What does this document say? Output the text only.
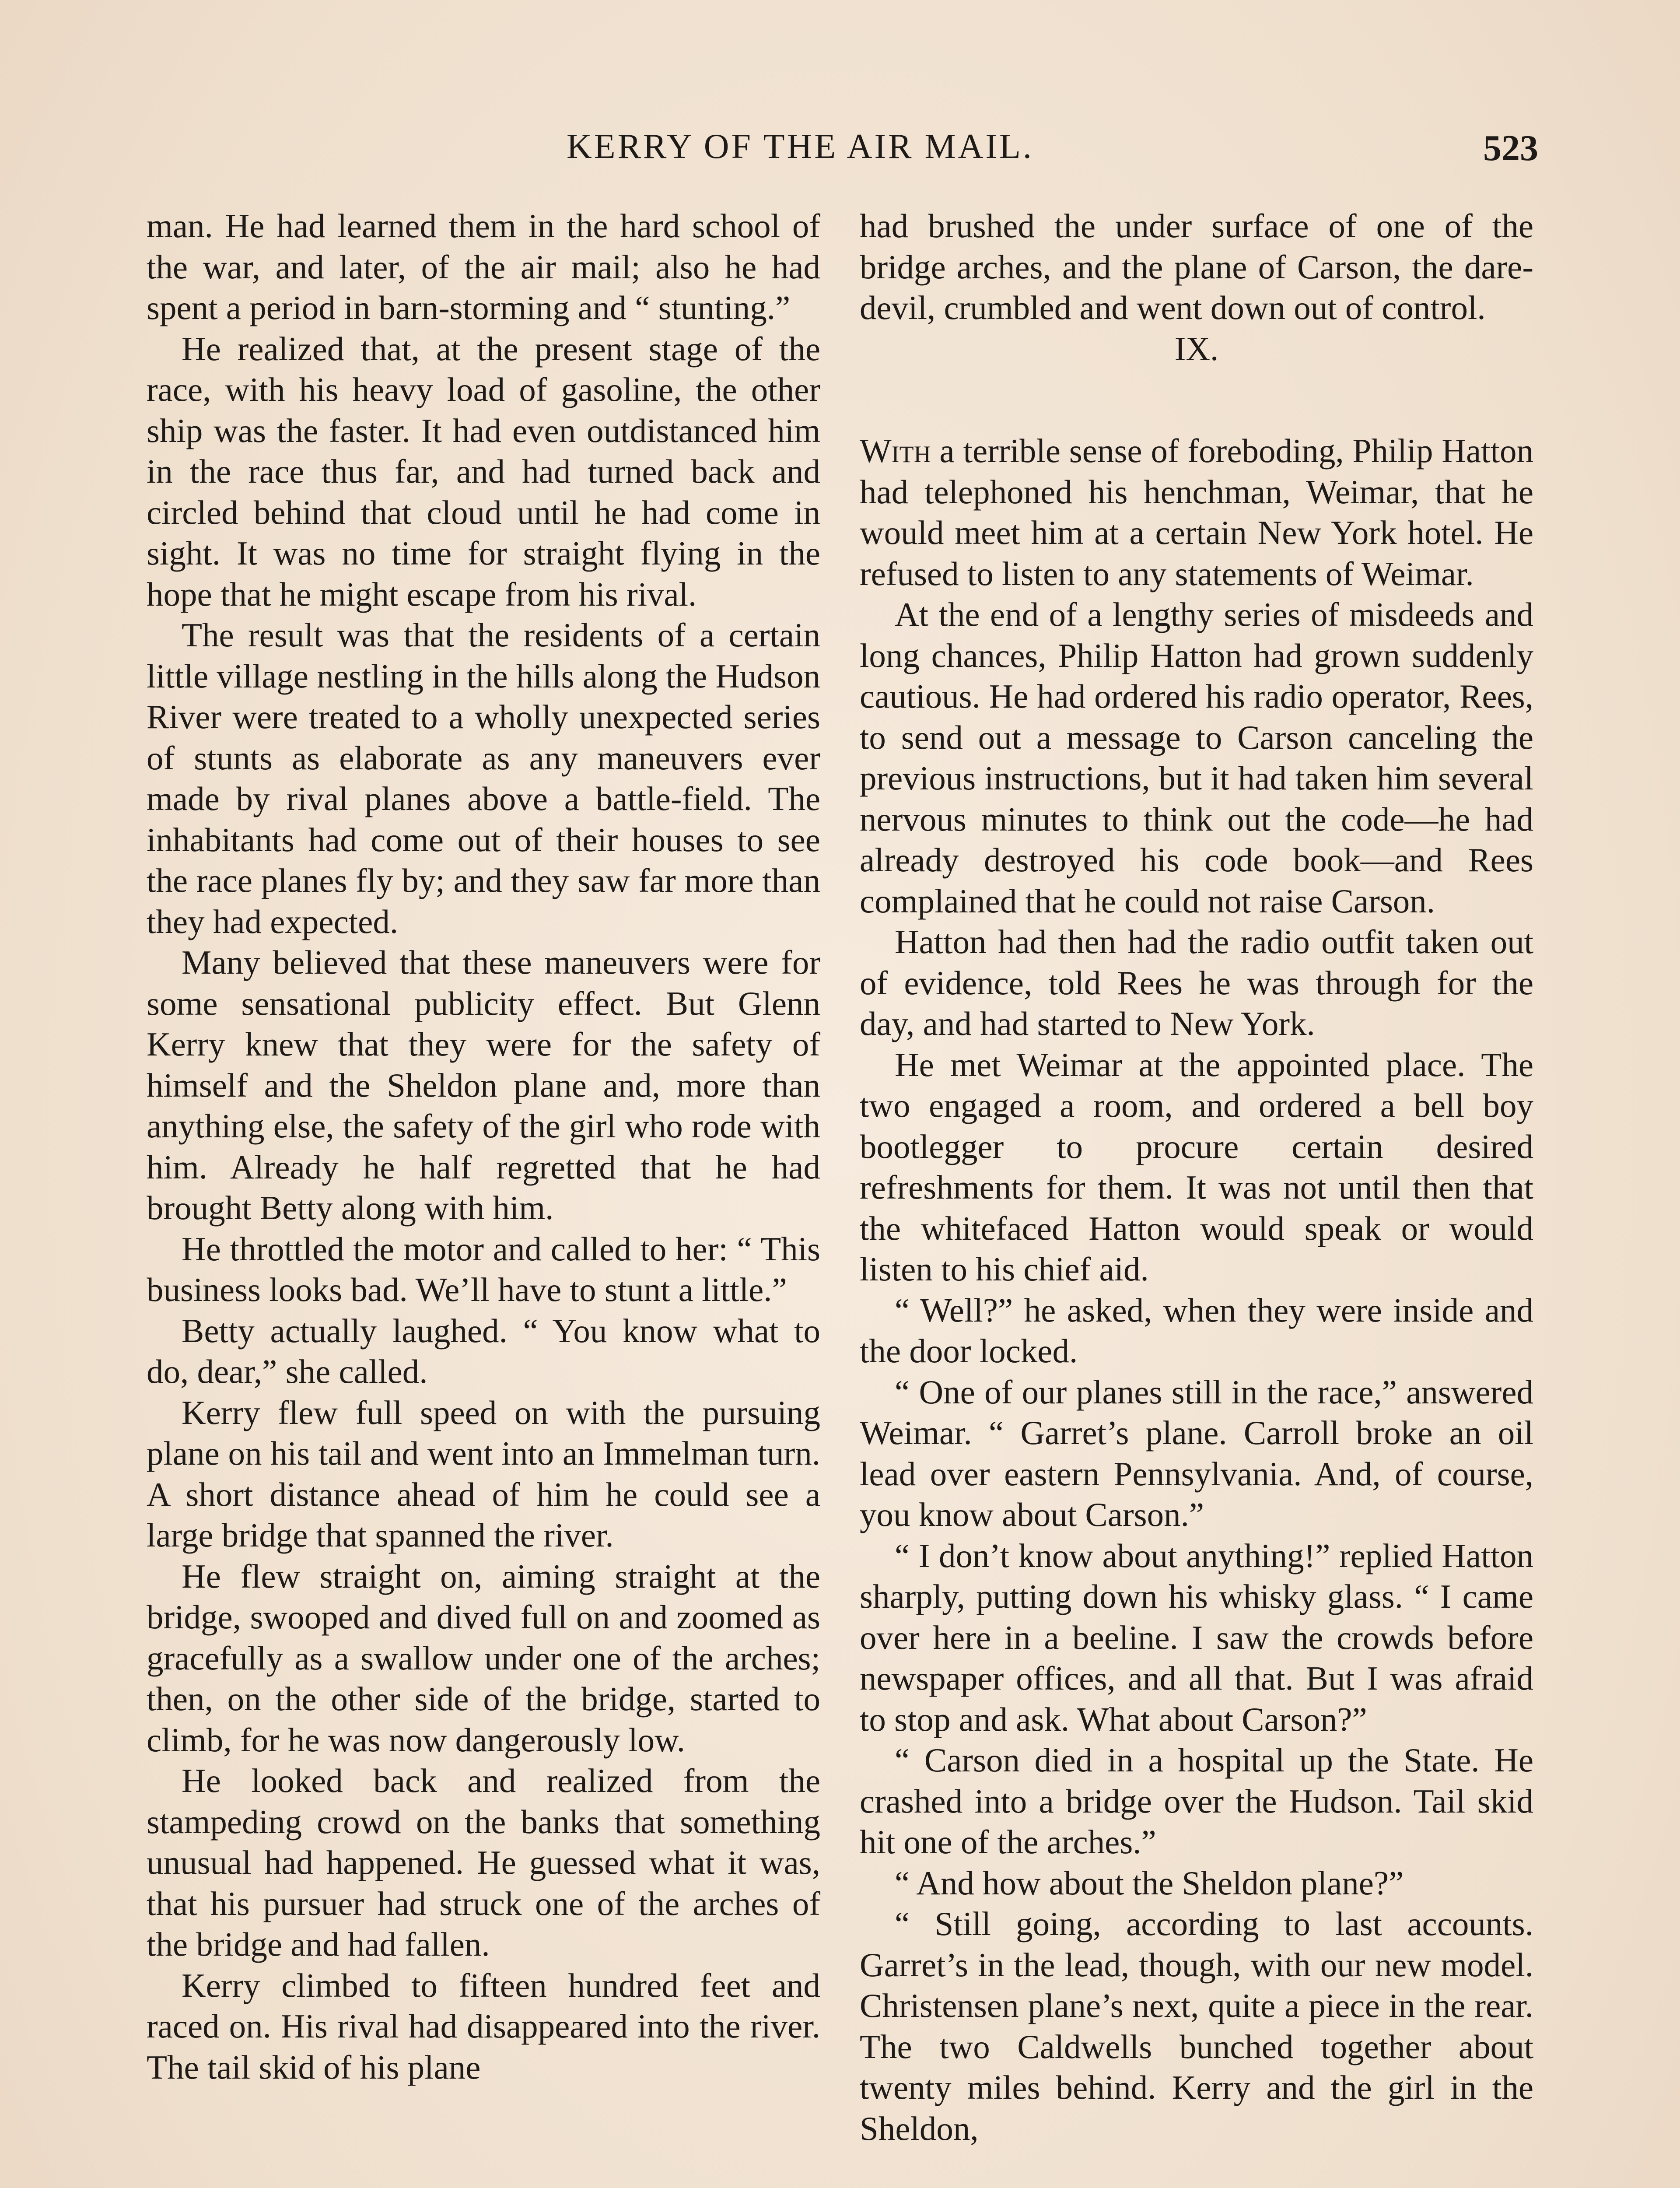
KERRY OF THE AIR MAIL.	523

man. He had learned them in the hard school of the war, and later, of the air mail; also he had spent a period in barn-storming and “ stunting.”

He realized that, at the present stage of the race, with his heavy load of gasoline, the other ship was the faster. It had even outdistanced him in the race thus far, and had turned back and circled behind that cloud until he had come in sight. It was no time for straight flying in the hope that he might escape from his rival.

The result was that the residents of a certain little village nestling in the hills along the Hudson River were treated to a wholly unexpected series of stunts as elaborate as any maneuvers ever made by rival planes above a battle-field. The inhabitants had come out of their houses to see the race planes fly by; and they saw far more than they had expected.

Many believed that these maneuvers were for some sensational publicity effect. But Glenn Kerry knew that they were for the safety of himself and the Sheldon plane and, more than anything else, the safety of the girl who rode with him. Already he half regretted that he had brought Betty along with him.

He throttled the motor and called to her: “ This business looks bad. We’ll have to stunt a little.”

Betty actually laughed. “ You know what to do, dear,” she called.

Kerry flew full speed on with the pursuing plane on his tail and went into an Immelman turn. A short distance ahead of him he could see a large bridge that spanned the river.

He flew straight on, aiming straight at the bridge, swooped and dived full on and zoomed as gracefully as a swallow under one of the arches; then, on the other side of the bridge, started to climb, for he was now dangerously low.

He looked back and realized from the stampeding crowd on the banks that something unusual had happened. He guessed what it was, that his pursuer had struck one of the arches of the bridge and had fallen.

Kerry climbed to fifteen hundred feet and raced on. His rival had disappeared into the river. The tail skid of his plane

had brushed the under surface of one of the bridge arches, and the plane of Carson, the dare-devil, crumbled and went down out of control.

IX.

With a terrible sense of foreboding, Philip Hatton had telephoned his henchman, Weimar, that he would meet him at a certain New York hotel. He refused to listen to any statements of Weimar.

At the end of a lengthy series of misdeeds and long chances, Philip Hatton had grown suddenly cautious. He had ordered his radio operator, Rees, to send out a message to Carson canceling the previous instructions, but it had taken him several nervous minutes to think out the code—he had already destroyed his code book—and Rees complained that he could not raise Carson.

Hatton had then had the radio outfit taken out of evidence, told Rees he was through for the day, and had started to New York.

He met Weimar at the appointed place. The two engaged a room, and ordered a bell boy bootlegger to procure certain desired refreshments for them. It was not until then that the whitefaced Hatton would speak or would listen to his chief aid.

“ Well?” he asked, when they were inside and the door locked.

“ One of our planes still in the race,” answered Weimar. “ Garret’s plane. Carroll broke an oil lead over eastern Pennsylvania. And, of course, you know about Carson.”

“ I don’t know about anything!” replied Hatton sharply, putting down his whisky glass. “ I came over here in a beeline. I saw the crowds before newspaper offices, and all that. But I was afraid to stop and ask. What about Carson?”

“ Carson died in a hospital up the State. He crashed into a bridge over the Hudson. Tail skid hit one of the arches.”

“ And how about the Sheldon plane?”

“ Still going, according to last accounts. Garret’s in the lead, though, with our new model. Christensen plane’s next, quite a piece in the rear. The two Caldwells bunched together about twenty miles behind. Kerry and the girl in the Sheldon,
